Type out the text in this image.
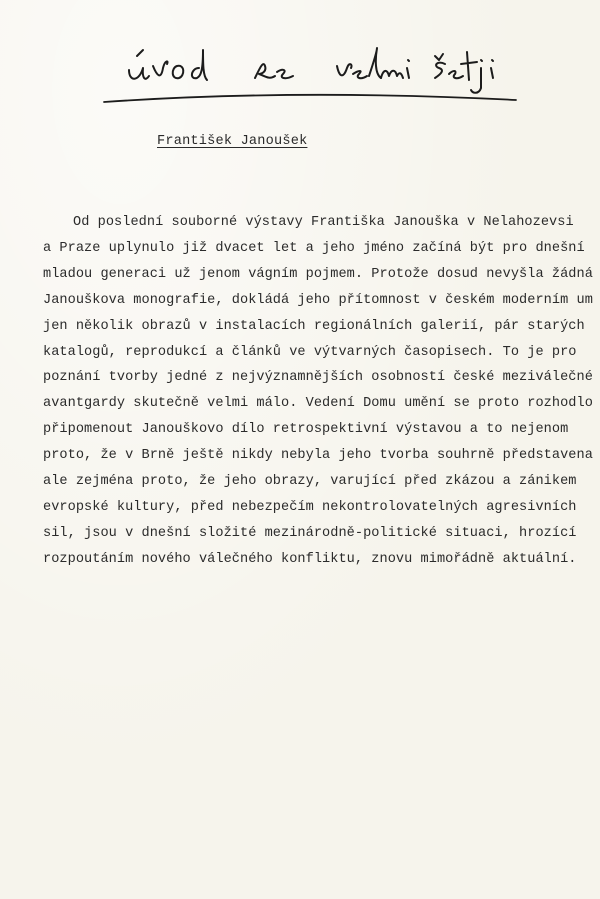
František Janoušek
Od poslední souborné výstavy Františka Janouška v Nelahozevsi
a Praze uplynulo již dvacet let a jeho jméno začíná být pro dnešní
mladou generaci už jenom vágním pojmem. Protože dosud nevyšla žádná
Janouškova monografie, dokládá jeho přítomnost v českém moderním um
jen několik obrazů v instalacích regionálních galerií, pár starých
katalogů, reprodukcí a článků ve výtvarných časopisech. To je pro
poznání tvorby jedné z nejvýznamnějších osobností české meziválečné
avantgardy skutečně velmi málo. Vedení Domu umění se proto rozhodlo
připomenout Janouškovo dílo retrospektivní výstavou a to nejenom
proto, že v Brně ještě nikdy nebyla jeho tvorba souhrně představena
ale zejména proto, že jeho obrazy, varující před zkázou a zánikem
evropské kultury, před nebezpečím nekontrolovatelných agresivních
sil, jsou v dnešní složité mezinárodně-politické situaci, hrozící
rozpoutáním nového válečného konfliktu, znovu mimořádně aktuální.
